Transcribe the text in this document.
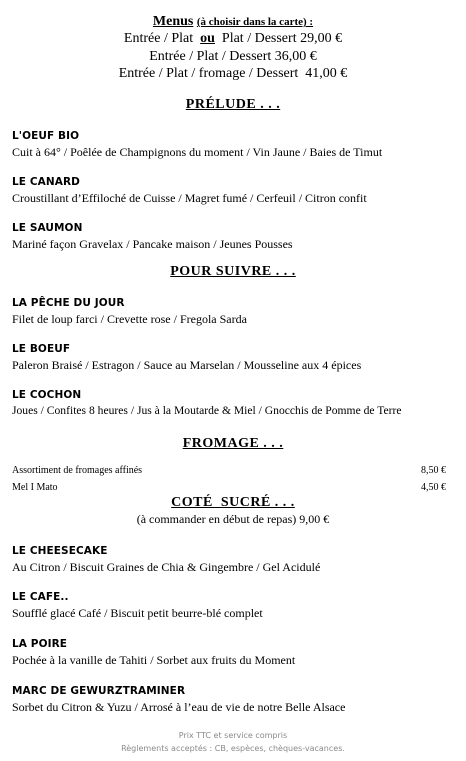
Menus (à choisir dans la carte) :
Entrée / Plat ou Plat / Dessert 29,00 €
Entrée / Plat / Dessert 36,00 €
Entrée / Plat / fromage / Dessert 41,00 €
PRÉLUDE . . .
L'OEUF BIO
Cuit à 64° / Poêlée de Champignons du moment / Vin Jaune / Baies de Timut
LE CANARD
Croustillant d’Effiloché de Cuisse / Magret fumé / Cerfeuil / Citron confit
LE SAUMON
Mariné façon Gravelax / Pancake maison / Jeunes Pousses
POUR SUIVRE . . .
LA PÊCHE DU JOUR
Filet de loup farci / Crevette rose / Fregola Sarda
LE BOEUF
Paleron Braisé / Estragon / Sauce au Marselan / Mousseline aux 4 épices
LE COCHON
Joues / Confites 8 heures / Jus à la Moutarde & Miel / Gnocchis de Pomme de Terre
FROMAGE . . .
Assortiment de fromages affinés	8,50 €
Mel I Mato	4,50 €
COTÉ  SUCRÉ . . .
(à commander en début de repas) 9,00 €
LE CHEESECAKE
Au Citron / Biscuit Graines de Chia & Gingembre / Gel Acidulé
LE CAFE..
Soufflé glacé Café / Biscuit petit beurre-blé complet
LA POIRE
Pochée à la vanille de Tahiti / Sorbet aux fruits du Moment
MARC DE GEWURZTRAMINER
Sorbet du Citron & Yuzu / Arrosé à l’eau de vie de notre Belle Alsace
Prix TTC et service compris
Règlements acceptés : CB, espèces, chèques-vacances.
